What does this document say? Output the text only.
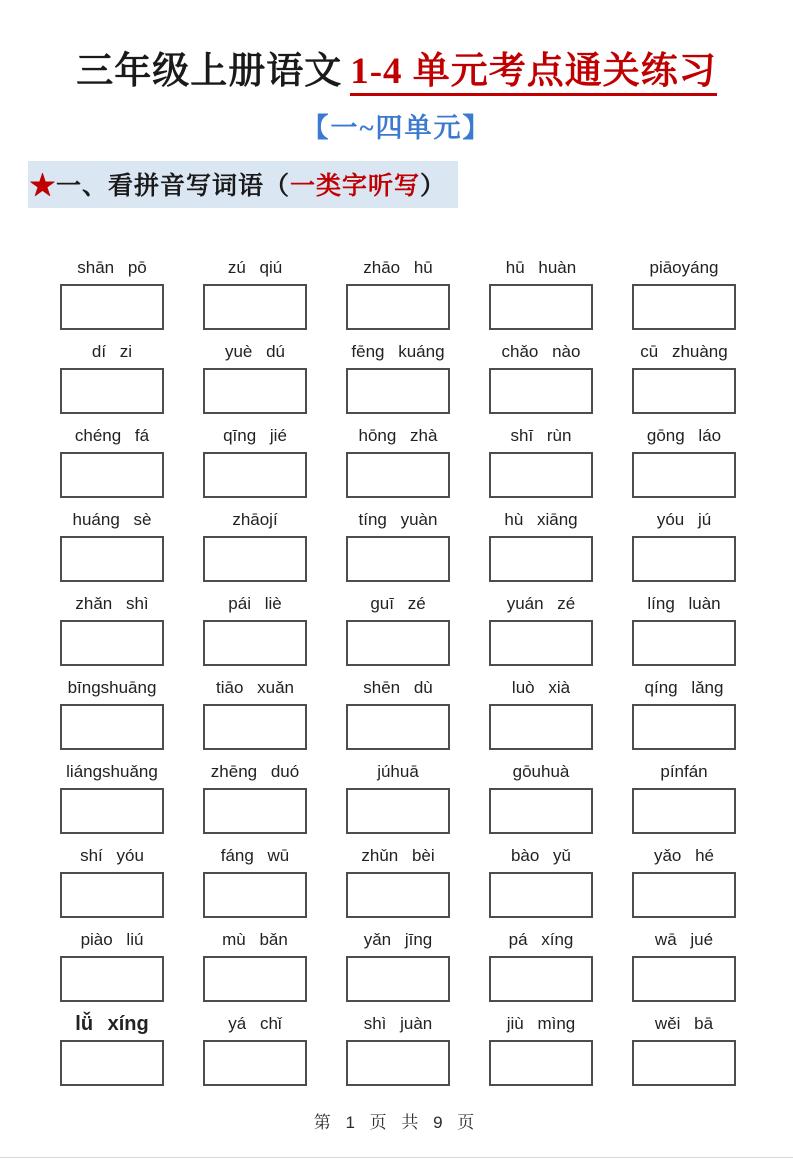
三年级上册语文 1-4 单元考点通关练习
【一~四单元】
★一、看拼音写词语（一类字听写）
shān pō	zú qiú	zhāo hū	hū huàn	piāoyáng
dí zi	yuè dú	fēng kuáng	chǎo nào	cū zhuàng
chéng fá	qīng jié	hōng zhà	shī rùn	gōng láo
huáng sè	zhāojí	tíng yuàn	hù xiāng	yóu jú
zhǎn shì	pái liè	guī zé	yuán zé	líng luàn
bīngshuāng	tiāo xuǎn	shēn dù	luò xià	qíng lǎng
liángshuǎng	zhēng duó	júhuā	gōuhuà	pínfán
shí yóu	fáng wū	zhǔn bèi	bào yǔ	yǎo hé
piào liú	mù bǎn	yǎn jīng	pá xíng	wā jué
lǚ xíng	yá chǐ	shì juàn	jiù mìng	wěi bā
第 1 页 共 9 页
